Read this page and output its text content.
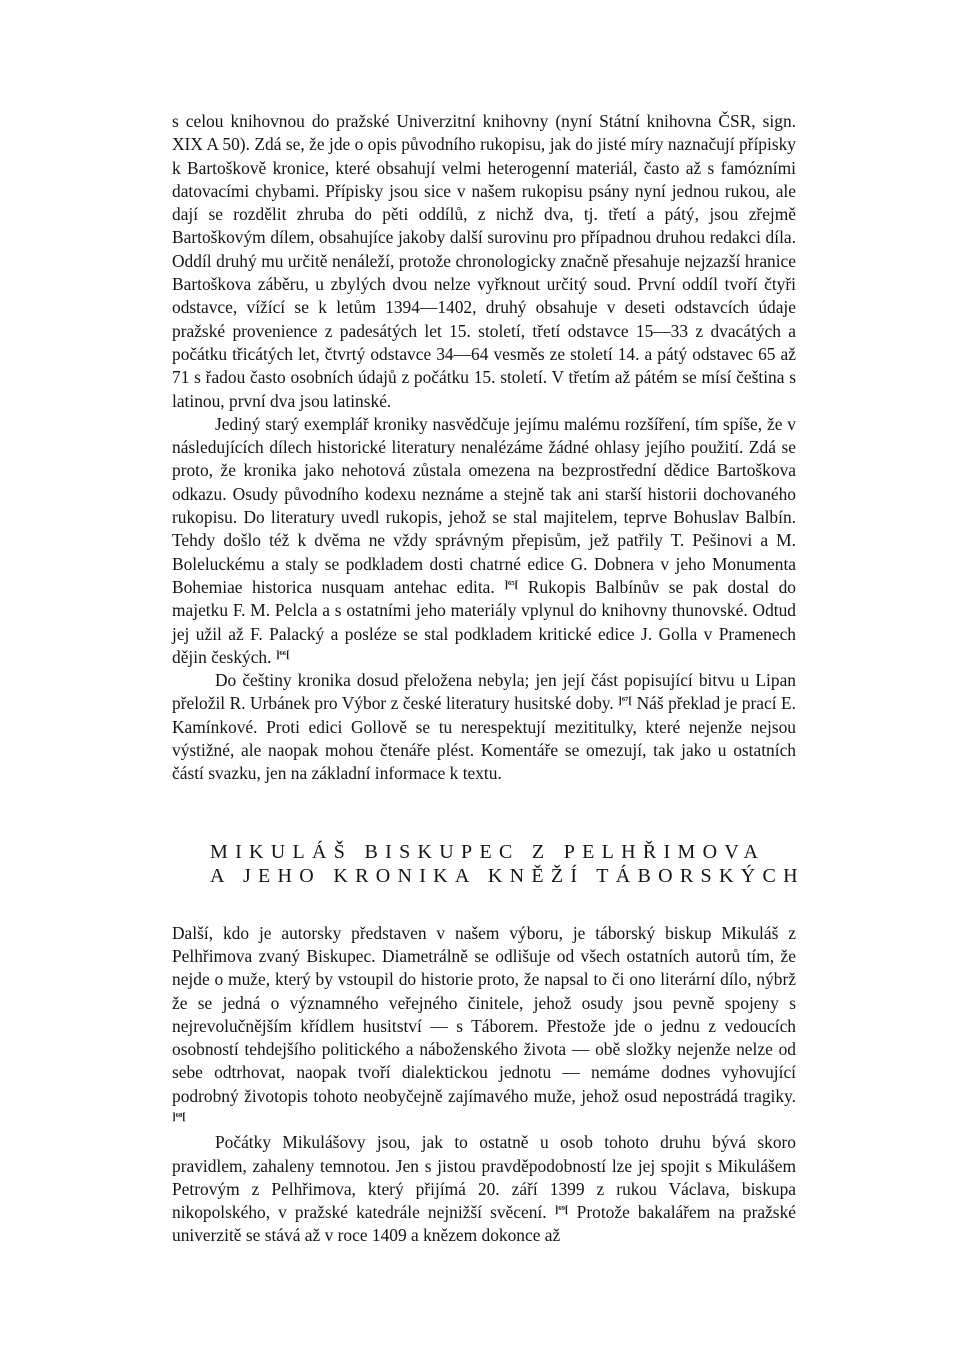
s celou knihovnou do pražské Univerzitní knihovny (nyní Státní knihovna ČSR, sign. XIX A 50). Zdá se, že jde o opis původního rukopisu, jak do jisté míry naznačují přípisky k Bartoškově kronice, které obsahují velmi heterogenní materiál, často až s famózními datovacími chybami. Přípisky jsou sice v našem rukopisu psány nyní jednou rukou, ale dají se rozdělit zhruba do pěti oddílů, z nichž dva, tj. třetí a pátý, jsou zřejmě Bartoškovým dílem, obsahujíce jakoby další surovinu pro případnou druhou redakci díla. Oddíl druhý mu určitě nenáleží, protože chronologicky značně přesahuje nejzazší hranice Bartoškova záběru, u zbylých dvou nelze vyřknout určitý soud. První oddíl tvoří čtyři odstavce, vížící se k letům 1394—1402, druhý obsahuje v deseti odstavcích údaje pražské provenience z padesátých let 15. století, třetí odstavce 15—33 z dvacátých a počátku třicátých let, čtvrtý odstavce 34—64 vesměs ze století 14. a pátý odstavec 65 až 71 s řadou často osobních údajů z počátku 15. století. V třetím až pátém se mísí čeština s latinou, první dva jsou latinské.

Jediný starý exemplář kroniky nasvědčuje jejímu malému rozšíření, tím spíše, že v následujících dílech historické literatury nenalézáme žádné ohlasy jejího použití. Zdá se proto, že kronika jako nehotová zůstala omezena na bezprostřední dědice Bartoškova odkazu. Osudy původního kodexu neznáme a stejně tak ani starší historii dochovaného rukopisu. Do literatury uvedl rukopis, jehož se stal majitelem, teprve Bohuslav Balbín. Tehdy došlo též k dvěma ne vždy správným přepisům, jež patřily T. Pešinovi a M. Boleluckému a staly se podkladem dosti chatrné edice G. Dobnera v jeho Monumenta Bohemiae historica nusquam antehac edita. $^{]^{65}[}$ Rukopis Balbínův se pak dostal do majetku F. M. Pelcla a s ostatními jeho materiály vplynul do knihovny thunovské. Odtud jej užil až F. Palacký a posléze se stal podkladem kritické edice J. Golla v Pramenech dějin českých. $^{]^{66}[}$

Do češtiny kronika dosud přeložena nebyla; jen její část popisující bitvu u Lipan přeložil R. Urbánek pro Výbor z české literatury husitské doby. $^{]^{67}[}$ Náš překlad je prací E. Kamínkové. Proti edici Gollově se tu nerespektují mezititulky, které nejenže nejsou výstižné, ale naopak mohou čtenáře plést. Komentáře se omezují, tak jako u ostatních částí svazku, jen na základní informace k textu.

MIKULÁŠ BISKUPEC Z PELHŘIMOVA
A JEHO KRONIKA KNĚŽÍ TÁBORSKÝCH

Další, kdo je autorsky představen v našem výboru, je táborský biskup Mikuláš z Pelhřimova zvaný Biskupec. Diametrálně se odlišuje od všech ostatních autorů tím, že nejde o muže, který by vstoupil do historie proto, že napsal to či ono literární dílo, nýbrž že se jedná o významného veřejného činitele, jehož osudy jsou pevně spojeny s nejrevolučnějším křídlem husitství — s Táborem. Přestože jde o jednu z vedoucích osobností tehdejšího politického a náboženského života — obě složky nejenže nelze od sebe odtrhovat, naopak tvoří dialektickou jednotu — nemáme dodnes vyhovující podrobný životopis tohoto neobyčejně zajímavého muže, jehož osud nepostrádá tragiky. $^{]^{68}[}$

Počátky Mikulášovy jsou, jak to ostatně u osob tohoto druhu bývá skoro pravidlem, zahaleny temnotou. Jen s jistou pravděpodobností lze jej spojit s Mikulášem Petrovým z Pelhřimova, který přijímá 20. září 1399 z rukou Václava, biskupa nikopolského, v pražské katedrále nejnižší svěcení. $^{]^{69}[}$ Protože bakalářem na pražské univerzitě se stává až v roce 1409 a knězem dokonce až
